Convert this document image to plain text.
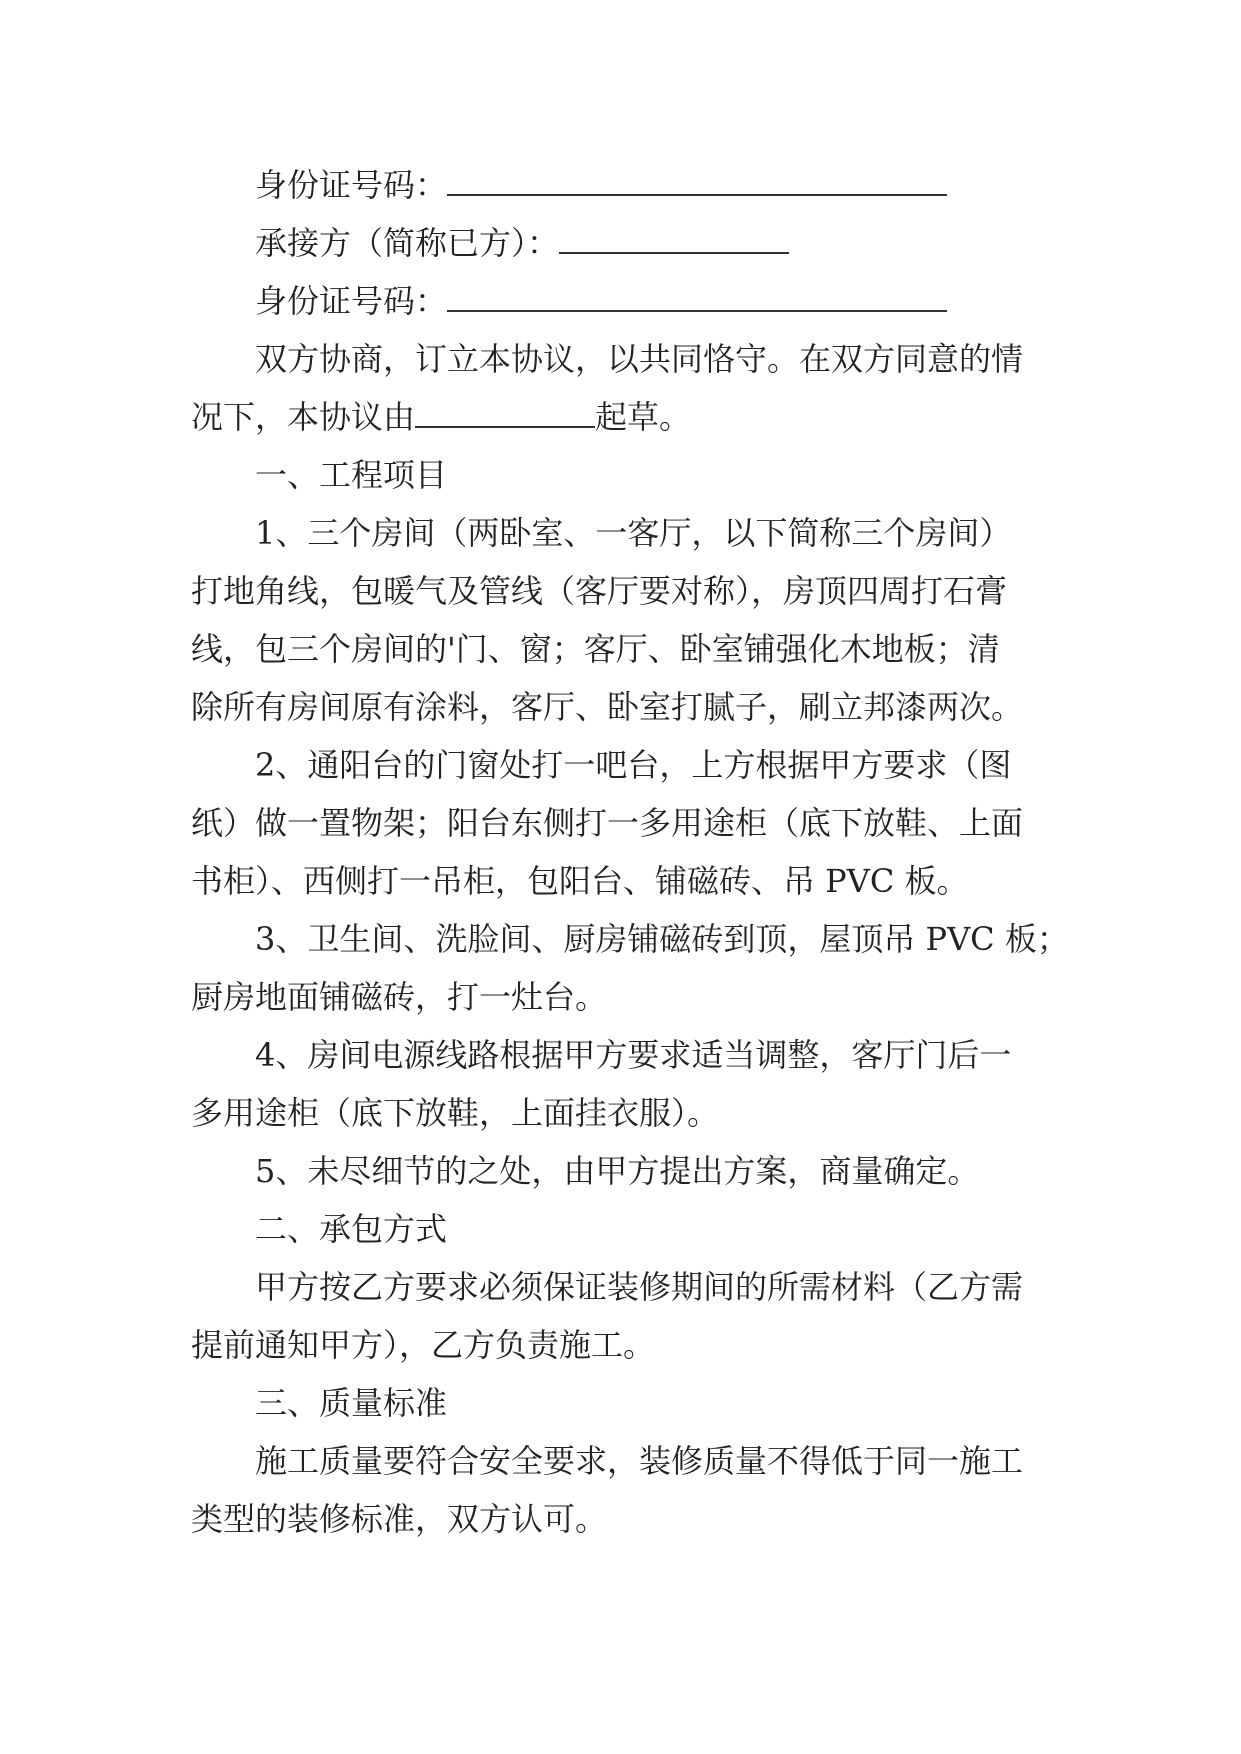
身份证号码：
承接方（简称已方）：
身份证号码：
双方协商，订立本协议，以共同恪守。在双方同意的情
况下，本协议由	起草。
一、工程项目
1、三个房间（两卧室、一客厅，以下简称三个房间）
打地角线，包暖气及管线（客厅要对称），房顶四周打石膏
线，包三个房间的'门、窗；客厅、卧室铺强化木地板；清
除所有房间原有涂料，客厅、卧室打腻子，刷立邦漆两次。
2、通阳台的门窗处打一吧台，上方根据甲方要求（图
纸）做一置物架；阳台东侧打一多用途柜（底下放鞋、上面
书柜）、西侧打一吊柜，包阳台、铺磁砖、吊 PVC 板。
3、卫生间、洗脸间、厨房铺磁砖到顶，屋顶吊 PVC 板；
厨房地面铺磁砖，打一灶台。
4、房间电源线路根据甲方要求适当调整，客厅门后一
多用途柜（底下放鞋，上面挂衣服）。
5、未尽细节的之处，由甲方提出方案，商量确定。
二、承包方式
甲方按乙方要求必须保证装修期间的所需材料（乙方需
提前通知甲方），乙方负责施工。
三、质量标准
施工质量要符合安全要求，装修质量不得低于同一施工
类型的装修标准，双方认可。
